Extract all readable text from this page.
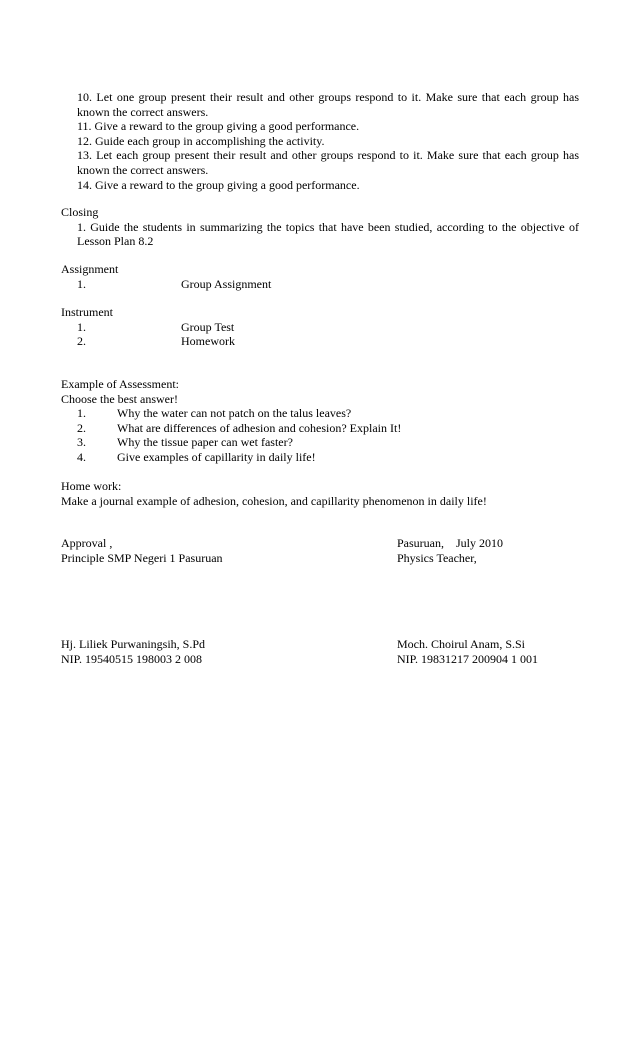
10. Let one group present their result and other groups respond to it. Make sure that each group has known the correct answers.

11. Give a reward to the group giving a good performance.

12. Guide each group in accomplishing the activity.

13. Let each group present their result and other groups respond to it. Make sure that each group has known the correct answers.

14. Give a reward to the group giving a good performance.

Closing

1. Guide the students in summarizing the topics that have been studied, according to the objective of Lesson Plan 8.2

Assignment

1.	Group Assignment

Instrument

1.	Group Test
2.	Homework

Example of Assessment:

Choose the best answer!

1.	Why the water can not patch on the talus leaves?
2.	What are differences of adhesion and cohesion? Explain It!
3.	Why the tissue paper can wet faster?
4.	Give examples of capillarity in daily life!

Home work:

Make a journal example of adhesion, cohesion, and capillarity phenomenon in daily life!

Approval ,

Principle SMP Negeri 1 Pasuruan

Pasuruan,    July 2010

Physics Teacher,

Hj. Liliek Purwaningsih, S.Pd

NIP. 19540515 198003 2 008

Moch. Choirul Anam, S.Si

NIP. 19831217 200904 1 001
